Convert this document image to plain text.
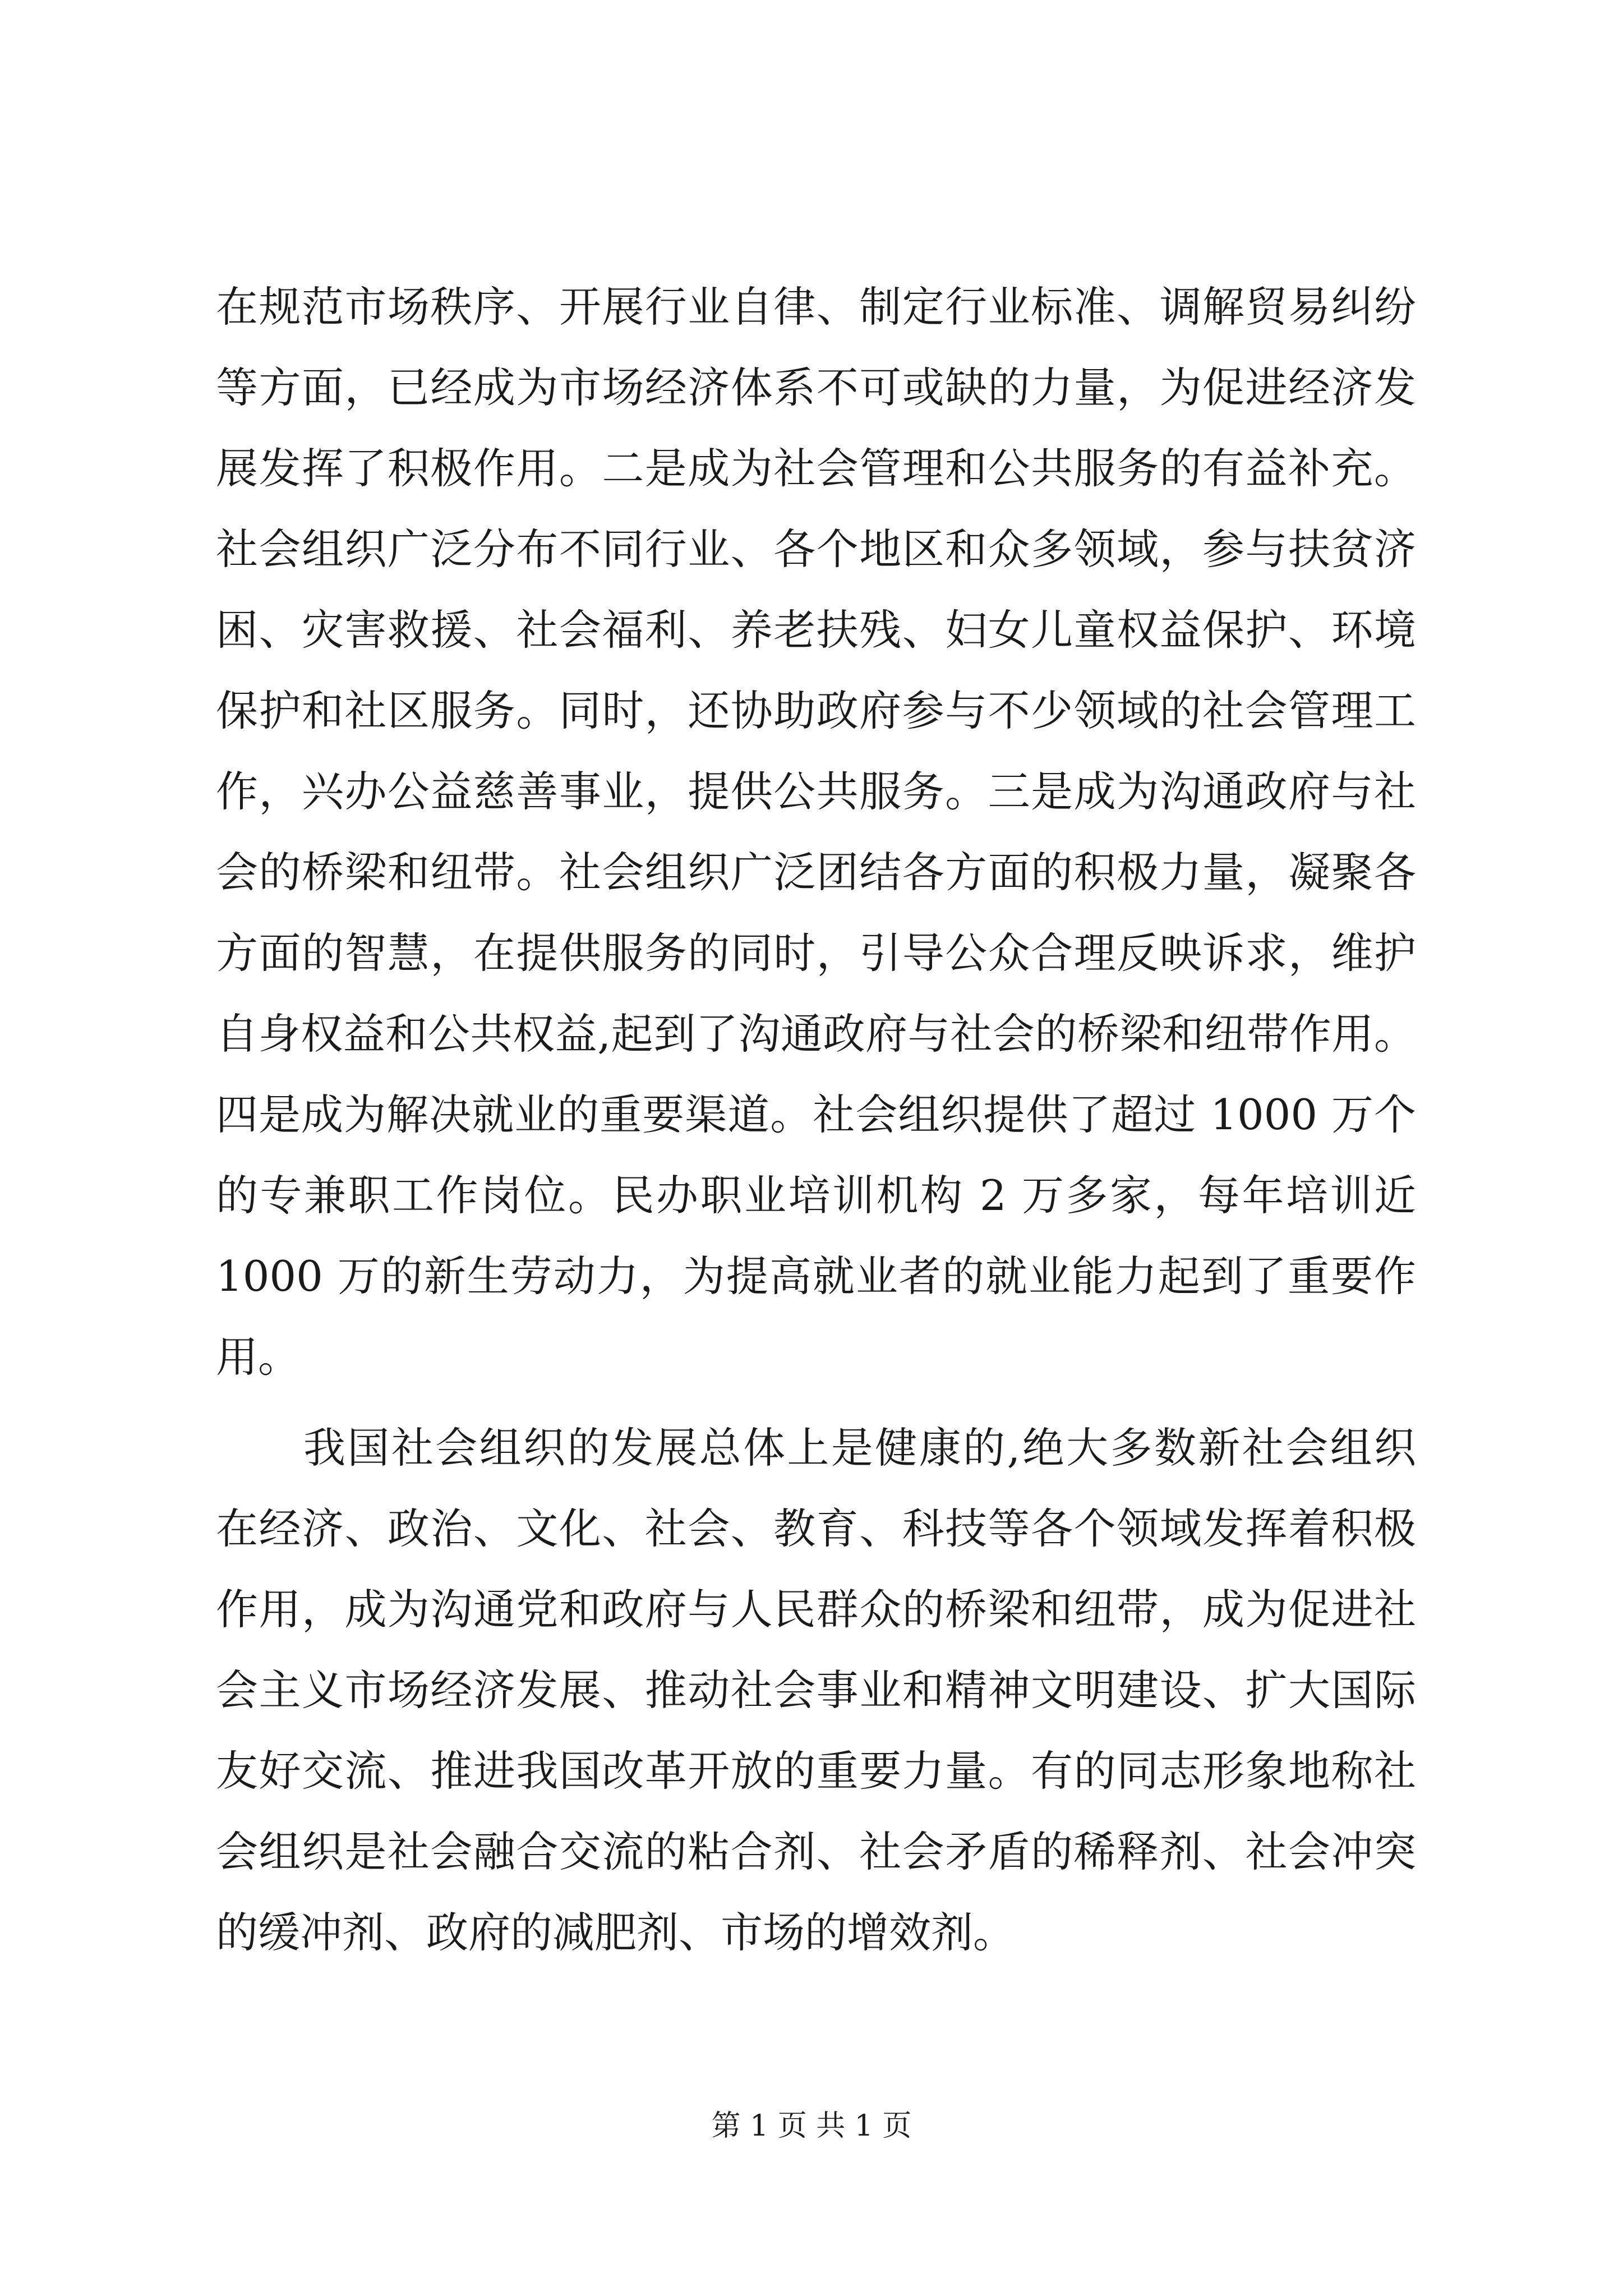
在规范市场秩序、开展行业自律、制定行业标准、调解贸易纠纷
等方面，已经成为市场经济体系不可或缺的力量，为促进经济发
展发挥了积极作用。二是成为社会管理和公共服务的有益补充。
社会组织广泛分布不同行业、各个地区和众多领域，参与扶贫济
困、灾害救援、社会福利、养老扶残、妇女儿童权益保护、环境
保护和社区服务。同时，还协助政府参与不少领域的社会管理工
作，兴办公益慈善事业，提供公共服务。三是成为沟通政府与社
会的桥梁和纽带。社会组织广泛团结各方面的积极力量，凝聚各
方面的智慧，在提供服务的同时，引导公众合理反映诉求，维护
自身权益和公共权益,起到了沟通政府与社会的桥梁和纽带作用。
四是成为解决就业的重要渠道。社会组织提供了超过 1000 万个
的专兼职工作岗位。民办职业培训机构 2 万多家，每年培训近
1000 万的新生劳动力，为提高就业者的就业能力起到了重要作
用。
我国社会组织的发展总体上是健康的,绝大多数新社会组织
在经济、政治、文化、社会、教育、科技等各个领域发挥着积极
作用，成为沟通党和政府与人民群众的桥梁和纽带，成为促进社
会主义市场经济发展、推动社会事业和精神文明建设、扩大国际
友好交流、推进我国改革开放的重要力量。有的同志形象地称社
会组织是社会融合交流的粘合剂、社会矛盾的稀释剂、社会冲突
的缓冲剂、政府的减肥剂、市场的增效剂。
第 1 页 共 1 页
